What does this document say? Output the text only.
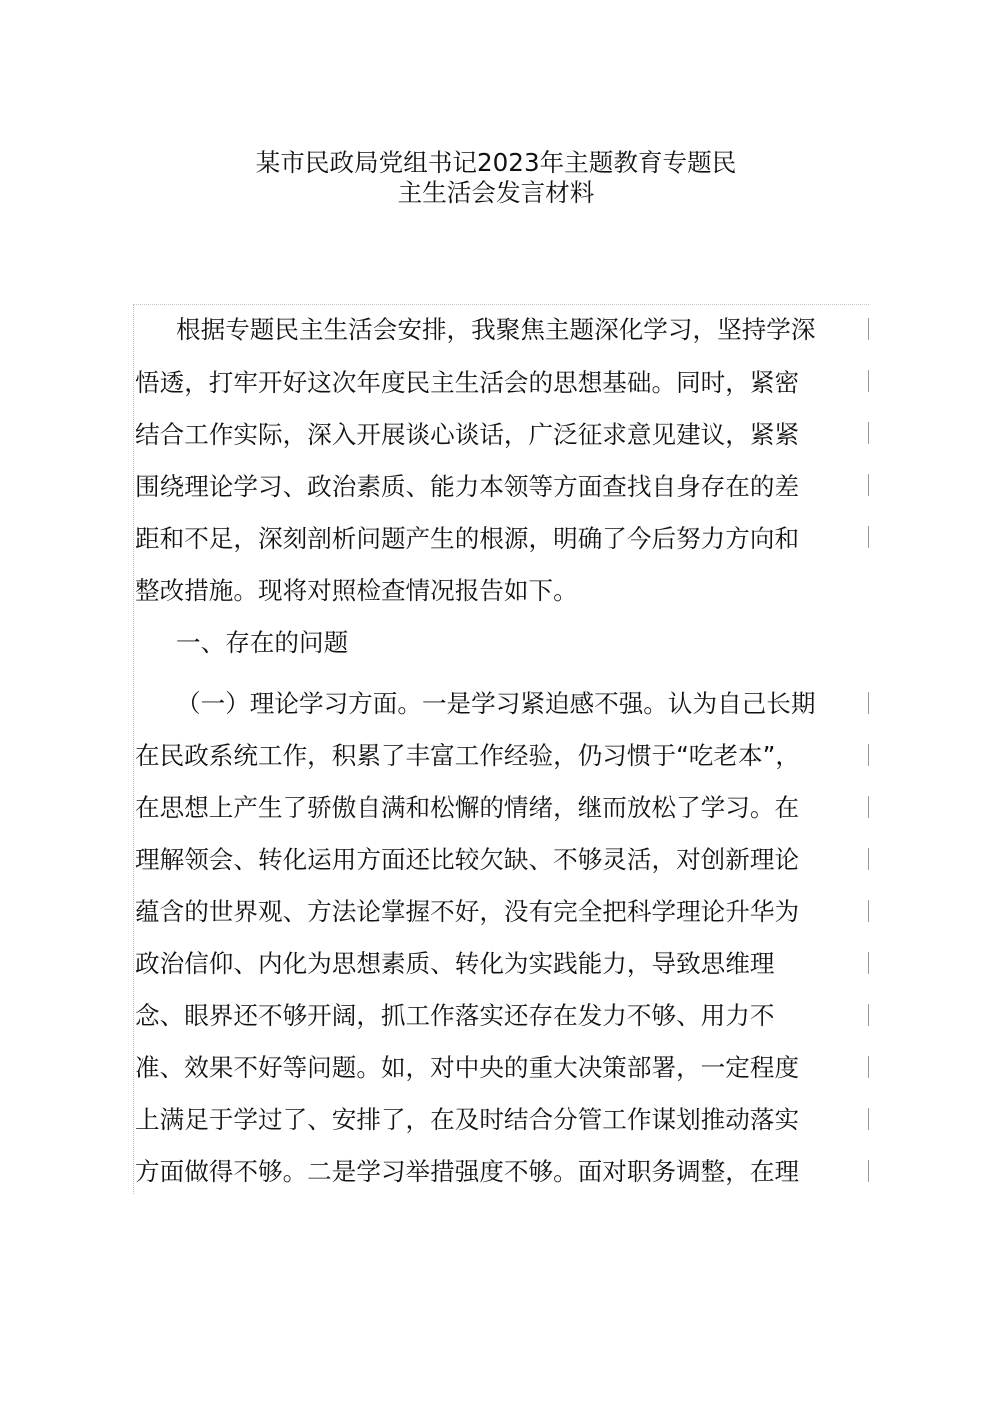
某市民政局党组书记2023年主题教育专题民
主生活会发言材料
根据专题民主生活会安排，我聚焦主题深化学习，坚持学深
悟透，打牢开好这次年度民主生活会的思想基础。同时，紧密
结合工作实际，深入开展谈心谈话，广泛征求意见建议，紧紧
围绕理论学习、政治素质、能力本领等方面查找自身存在的差
距和不足，深刻剖析问题产生的根源，明确了今后努力方向和
整改措施。现将对照检查情况报告如下。
一、存在的问题
（一）理论学习方面。一是学习紧迫感不强。认为自己长期
在民政系统工作，积累了丰富工作经验，仍习惯于“吃老本”，
在思想上产生了骄傲自满和松懈的情绪，继而放松了学习。在
理解领会、转化运用方面还比较欠缺、不够灵活，对创新理论
蕴含的世界观、方法论掌握不好，没有完全把科学理论升华为
政治信仰、内化为思想素质、转化为实践能力，导致思维理
念、眼界还不够开阔，抓工作落实还存在发力不够、用力不
准、效果不好等问题。如，对中央的重大决策部署，一定程度
上满足于学过了、安排了，在及时结合分管工作谋划推动落实
方面做得不够。二是学习举措强度不够。面对职务调整，在理
